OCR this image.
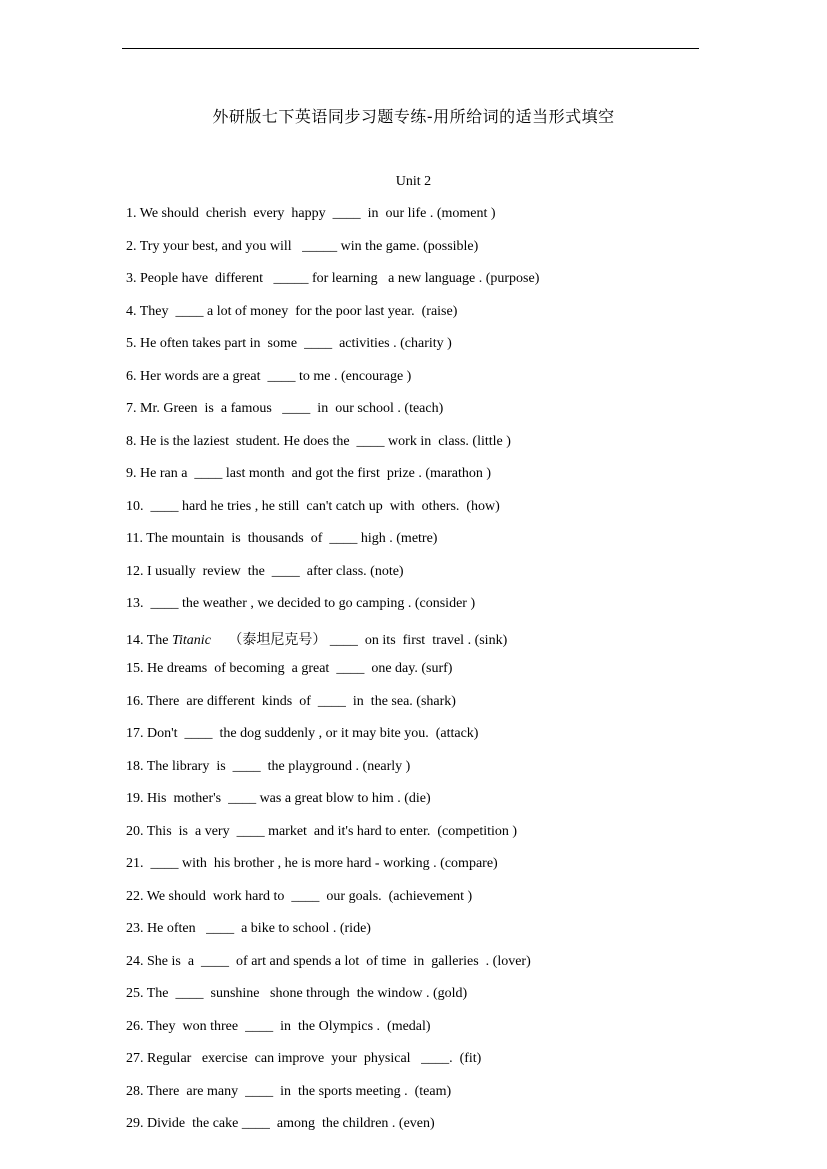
外研版七下英语同步习题专练-用所给词的适当形式填空
Unit 2
1. We should  cherish  every  happy  ____  in  our life . (moment )
2. Try your best, and you will   _____ win the game. (possible)
3. People have  different   _____ for learning   a new language . (purpose)
4. They  ____ a lot of money  for the poor last year.  (raise)
5. He often takes part in  some  ____  activities . (charity )
6. Her words are a great  ____ to me . (encourage )
7. Mr. Green  is  a famous   ____  in  our school . (teach)
8. He is the laziest  student. He does the  ____ work in  class. (little )
9. He ran a  ____ last month  and got the first  prize . (marathon )
10.  ____ hard he tries , he still  can't catch up  with  others.  (how)
11. The mountain  is  thousands  of  ____ high . (metre)
12. I usually  review  the  ____  after class. (note)
13.  ____ the weather , we decided to go camping . (consider )
14. The Titanic （泰坦尼克号） ____  on its  first  travel . (sink)
15. He dreams  of becoming  a great  ____  one day. (surf)
16. There  are different  kinds  of  ____  in  the sea. (shark)
17. Don't  ____  the dog suddenly , or it may bite you.  (attack)
18. The library  is  ____  the playground . (nearly )
19. His  mother's  ____ was a great blow to him . (die)
20. This  is  a very  ____ market  and it's hard to enter.  (competition )
21.  ____ with  his brother , he is more hard - working . (compare)
22. We should  work hard to  ____  our goals.  (achievement )
23. He often   ____  a bike to school . (ride)
24. She is  a  ____  of art and spends a lot  of time  in  galleries  . (lover)
25. The  ____  sunshine   shone through  the window . (gold)
26. They  won three  ____  in  the Olympics .  (medal)
27. Regular   exercise  can improve  your  physical   ____.  (fit)
28. There  are many  ____  in  the sports meeting .  (team)
29. Divide  the cake ____  among  the children . (even)
